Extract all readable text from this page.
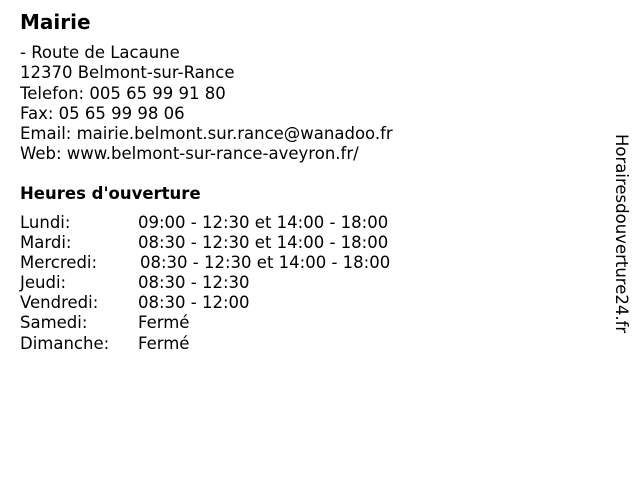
Mairie
- Route de Lacaune
12370 Belmont-sur-Rance
Telefon: 005 65 99 91 80
Fax: 05 65 99 98 06
Email: mairie.belmont.sur.rance@wanadoo.fr
Web: www.belmont-sur-rance-aveyron.fr/
Heures d'ouverture
Lundi:	09:00 - 12:30 et 14:00 - 18:00
Mardi:	08:30 - 12:30 et 14:00 - 18:00
Mercredi:	08:30 - 12:30 et 14:00 - 18:00
Jeudi:	08:30 - 12:30
Vendredi: 08:30 - 12:00
Samedi:	Fermé
Dimanche: Fermé
Horairesdouverture24.fr
